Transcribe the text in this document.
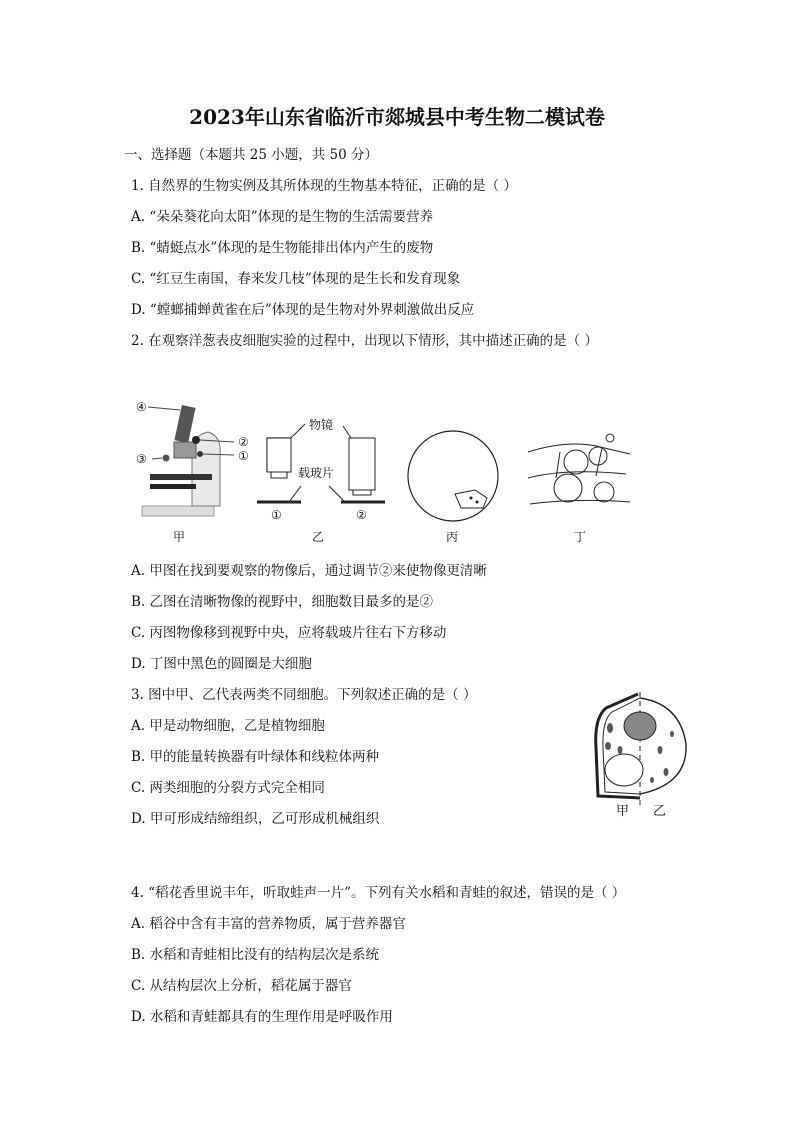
2023年山东省临沂市郯城县中考生物二模试卷
一、选择题（本题共 25 小题，共 50 分）
1. 自然界的生物实例及其所体现的生物基本特征，正确的是（ ）
A. “朵朵葵花向太阳”体现的是生物的生活需要营养
B. “蜻蜓点水”体现的是生物能排出体内产生的废物
C. “红豆生南国，春来发几枝”体现的是生长和发育现象
D. “螳螂捕蝉黄雀在后”体现的是生物对外界刺激做出反应
2. 在观察洋葱表皮细胞实验的过程中，出现以下情形，其中描述正确的是（ ）
④
②
①
③
物镜
载玻片
①	②
甲	乙	丙	丁
A. 甲图在找到要观察的物像后，通过调节②来使物像更清晰
B. 乙图在清晰物像的视野中，细胞数目最多的是②
C. 丙图物像移到视野中央，应将载玻片往右下方移动
D. 丁图中黑色的圆圈是大细胞
3. 图中甲、乙代表两类不同细胞。下列叙述正确的是（ ）
A. 甲是动物细胞，乙是植物细胞
B. 甲的能量转换器有叶绿体和线粒体两种
C. 两类细胞的分裂方式完全相同
D. 甲可形成结缔组织，乙可形成机械组织	甲 乙
4. “稻花香里说丰年，听取蛙声一片”。下列有关水稻和青蛙的叙述，错误的是（ ）
A. 稻谷中含有丰富的营养物质，属于营养器官
B. 水稻和青蛙相比没有的结构层次是系统
C. 从结构层次上分析，稻花属于器官
D. 水稻和青蛙都具有的生理作用是呼吸作用
